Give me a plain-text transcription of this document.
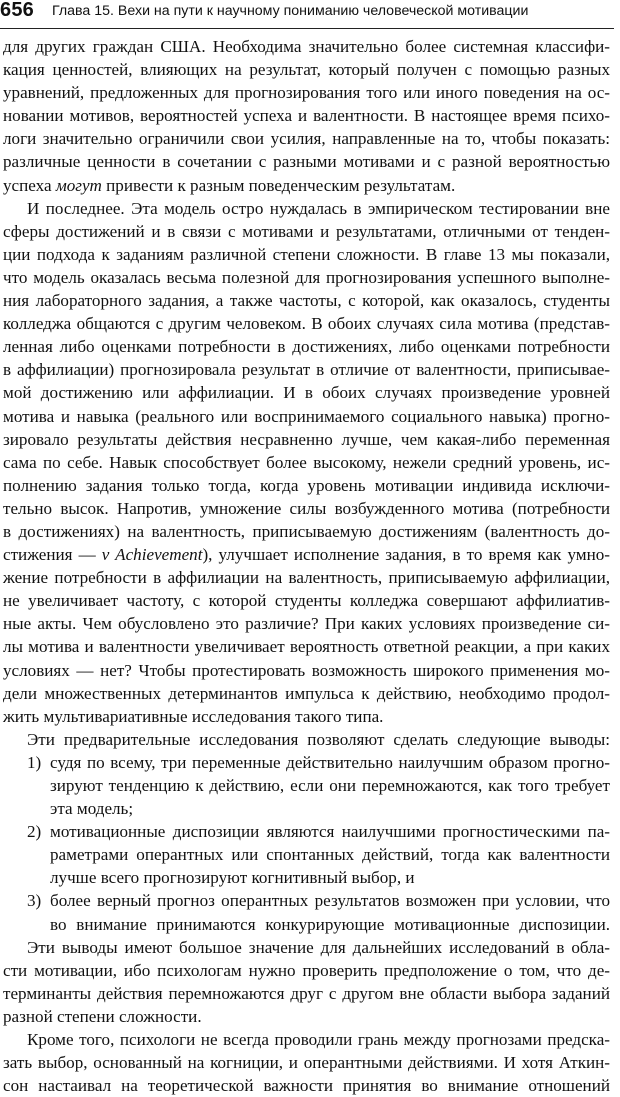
656 Глава 15. Вехи на пути к научному пониманию человеческой мотивации
для других граждан США. Необходима значительно более системная классифи-
кация ценностей, влияющих на результат, который получен с помощью разных
уравнений, предложенных для прогнозирования того или иного поведения на ос-
новании мотивов, вероятностей успеха и валентности. В настоящее время психо-
логи значительно ограничили свои усилия, направленные на то, чтобы показать:
различные ценности в сочетании с разными мотивами и с разной вероятностью
успеха могут привести к разным поведенческим результатам.
И последнее. Эта модель остро нуждалась в эмпирическом тестировании вне
сферы достижений и в связи с мотивами и результатами, отличными от тенден-
ции подхода к заданиям различной степени сложности. В главе 13 мы показали,
что модель оказалась весьма полезной для прогнозирования успешного выполне-
ния лабораторного задания, а также частоты, с которой, как оказалось, студенты
колледжа общаются с другим человеком. В обоих случаях сила мотива (представ-
ленная либо оценками потребности в достижениях, либо оценками потребности
в аффилиации) прогнозировала результат в отличие от валентности, приписывае-
мой достижению или аффилиации. И в обоих случаях произведение уровней
мотива и навыка (реального или воспринимаемого социального навыка) прогно-
зировало результаты действия несравненно лучше, чем какая-либо переменная
сама по себе. Навык способствует более высокому, нежели средний уровень, ис-
полнению задания только тогда, когда уровень мотивации индивида исключи-
тельно высок. Напротив, умножение силы возбужденного мотива (потребности
в достижениях) на валентность, приписываемую достижениям (валентность до-
стижения — v Achievement), улучшает исполнение задания, в то время как умно-
жение потребности в аффилиации на валентность, приписываемую аффилиации,
не увеличивает частоту, с которой студенты колледжа совершают аффилиатив-
ные акты. Чем обусловлено это различие? При каких условиях произведение си-
лы мотива и валентности увеличивает вероятность ответной реакции, а при каких
условиях — нет? Чтобы протестировать возможность широкого применения мо-
дели множественных детерминантов импульса к действию, необходимо продол-
жить мультивариативные исследования такого типа.
Эти предварительные исследования позволяют сделать следующие выводы:
1) судя по всему, три переменные действительно наилучшим образом прогно-
зируют тенденцию к действию, если они перемножаются, как того требует
эта модель;
2) мотивационные диспозиции являются наилучшими прогностическими па-
раметрами оперантных или спонтанных действий, тогда как валентности
лучше всего прогнозируют когнитивный выбор, и
3) более верный прогноз оперантных результатов возможен при условии, что
во внимание принимаются конкурирующие мотивационные диспозиции.
Эти выводы имеют большое значение для дальнейших исследований в обла-
сти мотивации, ибо психологам нужно проверить предположение о том, что де-
терминанты действия перемножаются друг с другом вне области выбора заданий
разной степени сложности.
Кроме того, психологи не всегда проводили грань между прогнозами предска-
зать выбор, основанный на когниции, и оперантными действиями. И хотя Аткин-
сон настаивал на теоретической важности принятия во внимание отношений
